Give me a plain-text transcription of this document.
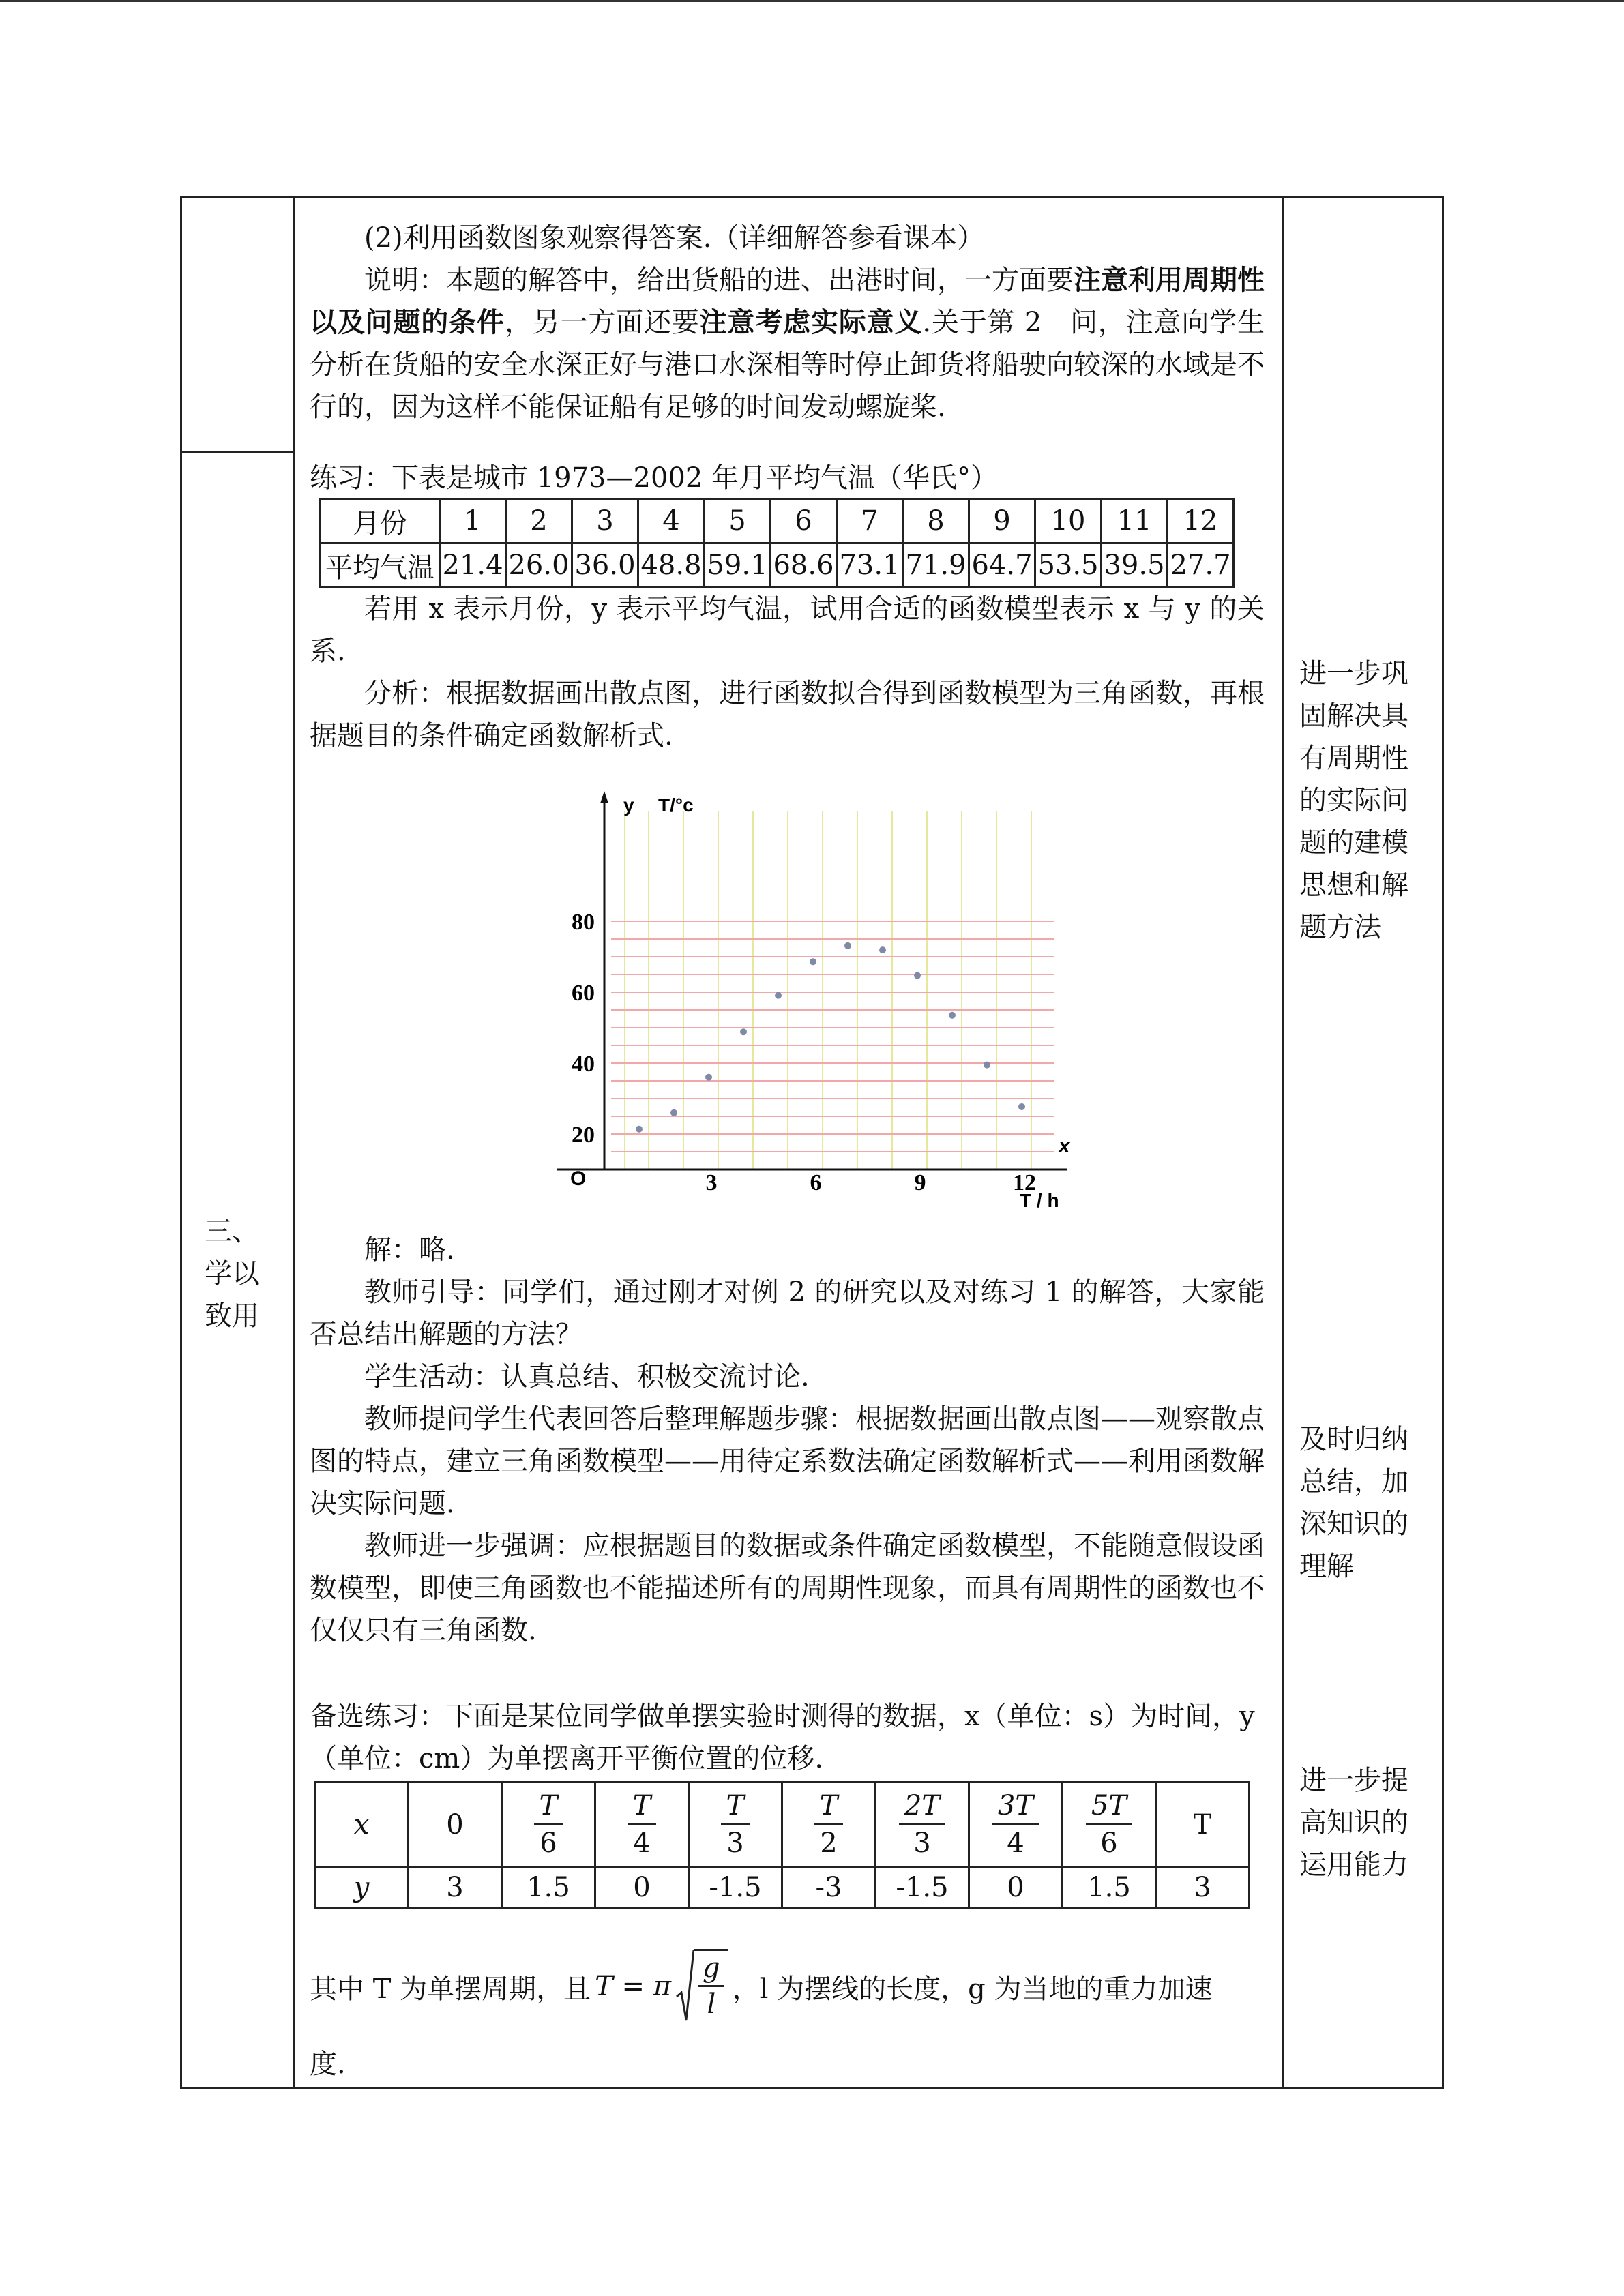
三、学以致用

(2)利用函数图象观察得答案.（详细解答参看课本）

说明：本题的解答中，给出货船的进、出港时间，一方面要注意利用周期性以及问题的条件，另一方面还要注意考虑实际意义.关于第 2　问，注意向学生分析在货船的安全水深正好与港口水深相等时停止卸货将船驶向较深的水域是不行的，因为这样不能保证船有足够的时间发动螺旋桨.

练习：下表是城市 1973—2002 年月平均气温（华氏°）

月份	1	2	3	4	5	6	7	8	9	10	11	12
平均气温	21.4	26.0	36.0	48.8	59.1	68.6	73.1	71.9	64.7	53.5	39.5	27.7

若用 x 表示月份，y 表示平均气温，试用合适的函数模型表示 x 与 y 的关系.

分析：根据数据画出散点图，进行函数拟合得到函数模型为三角函数，再根据题目的条件确定函数解析式.

y T/°c
x
T / h
O	3	6	9	12
20
40
60
80

解：略.

教师引导：同学们，通过刚才对例 2 的研究以及对练习 1 的解答，大家能否总结出解题的方法？

学生活动：认真总结、积极交流讨论.

教师提问学生代表回答后整理解题步骤：根据数据画出散点图——观察散点图的特点，建立三角函数模型——用待定系数法确定函数解析式——利用函数解决实际问题.

教师进一步强调：应根据题目的数据或条件确定函数模型，不能随意假设函数模型，即使三角函数也不能描述所有的周期性现象，而具有周期性的函数也不仅仅只有三角函数.

备选练习：下面是某位同学做单摆实验时测得的数据，x（单位：s）为时间，y（单位：cm）为单摆离开平衡位置的位移.

x	0	$\frac{T}{6}$	$\frac{T}{4}$	$\frac{T}{3}$	$\frac{T}{2}$	$\frac{2T}{3}$	$\frac{3T}{4}$	$\frac{5T}{6}$	T
y	3	1.5	0	-1.5	-3	-1.5	0	1.5	3
其中 T 为单摆周期，且 T = π $\frac{g}{l}$ ，l 为摆线的长度，g 为当地的重力加速

度.

进一步巩固解决具有周期性的实际问题的建模思想和解题方法
及时归纳总结，加深知识的理解
进一步提高知识的运用能力
